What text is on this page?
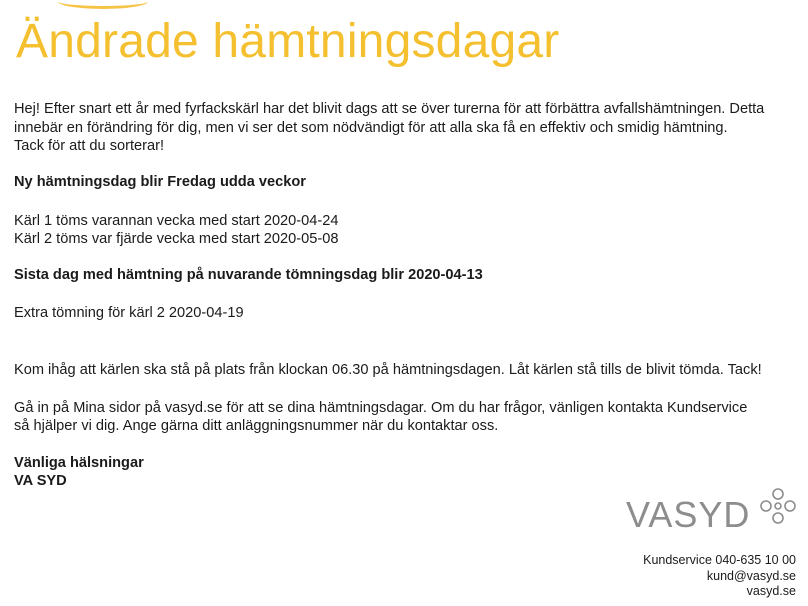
Ändrade hämtningsdagar

Hej! Efter snart ett år med fyrfackskärl har det blivit dags att se över turerna för att förbättra avfallshämtningen. Detta

innebär en förändring för dig, men vi ser det som nödvändigt för att alla ska få en effektiv och smidig hämtning.

Tack för att du sorterar!

Ny hämtningsdag blir Fredag udda veckor

Kärl 1 töms varannan vecka med start 2020-04-24

Kärl 2 töms var fjärde vecka med start 2020-05-08

Sista dag med hämtning på nuvarande tömningsdag blir 2020-04-13

Extra tömning för kärl 2 2020-04-19

Kom ihåg att kärlen ska stå på plats från klockan 06.30 på hämtningsdagen. Låt kärlen stå tills de blivit tömda. Tack!

Gå in på Mina sidor på vasyd.se för att se dina hämtningsdagar. Om du har frågor, vänligen kontakta Kundservice

så hjälper vi dig. Ange gärna ditt anläggningsnummer när du kontaktar oss.

Vänliga hälsningar

VA SYD

VASYD
Kundservice 040-635 10 00
kund@vasyd.se
vasyd.se
